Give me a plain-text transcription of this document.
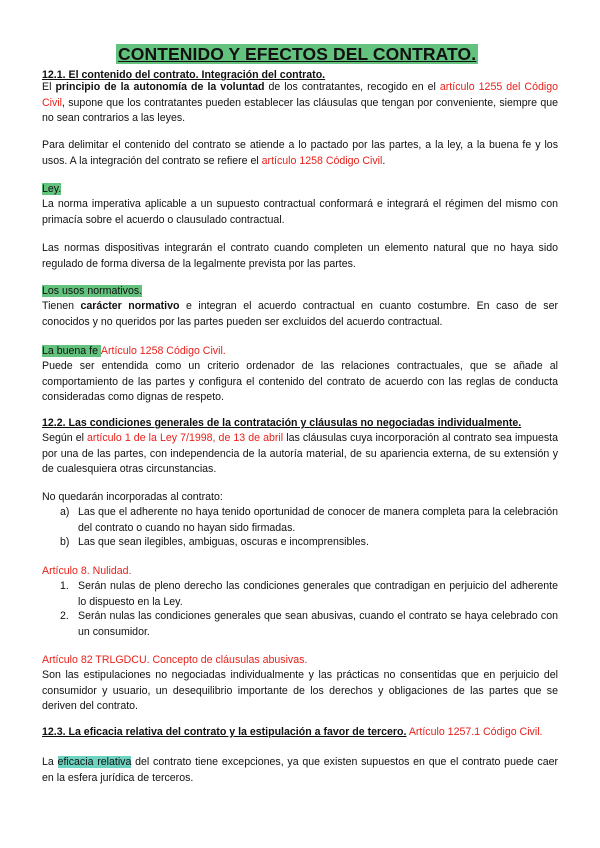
CONTENIDO Y EFECTOS DEL CONTRATO.

12.1. El contenido del contrato. Integración del contrato.

El principio de la autonomía de la voluntad de los contratantes, recogido en el artículo 1255 del Código Civil, supone que los contratantes pueden establecer las cláusulas que tengan por conveniente, siempre que no sean contrarios a las leyes.

Para delimitar el contenido del contrato se atiende a lo pactado por las partes, a la ley, a la buena fe y los usos. A la integración del contrato se refiere el artículo 1258 Código Civil.

Ley.

La norma imperativa aplicable a un supuesto contractual conformará e integrará el régimen del mismo con primacía sobre el acuerdo o clausulado contractual.

Las normas dispositivas integrarán el contrato cuando completen un elemento natural que no haya sido regulado de forma diversa de la legalmente prevista por las partes.

Los usos normativos.

Tienen carácter normativo e integran el acuerdo contractual en cuanto costumbre. En caso de ser conocidos y no queridos por las partes pueden ser excluidos del acuerdo contractual.

La buena fe Artículo 1258 Código Civil.

Puede ser entendida como un criterio ordenador de las relaciones contractuales, que se añade al comportamiento de las partes y configura el contenido del contrato de acuerdo con las reglas de conducta consideradas como dignas de respeto.

12.2. Las condiciones generales de la contratación y cláusulas no negociadas individualmente.

Según el artículo 1 de la Ley 7/1998, de 13 de abril las cláusulas cuya incorporación al contrato sea impuesta por una de las partes, con independencia de la autoría material, de su apariencia externa, de su extensión y de cualesquiera otras circunstancias.

No quedarán incorporadas al contrato:

a) Las que el adherente no haya tenido oportunidad de conocer de manera completa para la celebración del contrato o cuando no hayan sido firmadas.

b) Las que sean ilegibles, ambiguas, oscuras e incomprensibles.

Artículo 8. Nulidad.

1. Serán nulas de pleno derecho las condiciones generales que contradigan en perjuicio del adherente lo dispuesto en la Ley.

2. Serán nulas las condiciones generales que sean abusivas, cuando el contrato se haya celebrado con un consumidor.

Artículo 82 TRLGDCU. Concepto de cláusulas abusivas.

Son las estipulaciones no negociadas individualmente y las prácticas no consentidas que en perjuicio del consumidor y usuario, un desequilibrio importante de los derechos y obligaciones de las partes que se deriven del contrato.

12.3. La eficacia relativa del contrato y la estipulación a favor de tercero. Artículo 1257.1 Código Civil.

La eficacia relativa del contrato tiene excepciones, ya que existen supuestos en que el contrato puede caer en la esfera jurídica de terceros.
